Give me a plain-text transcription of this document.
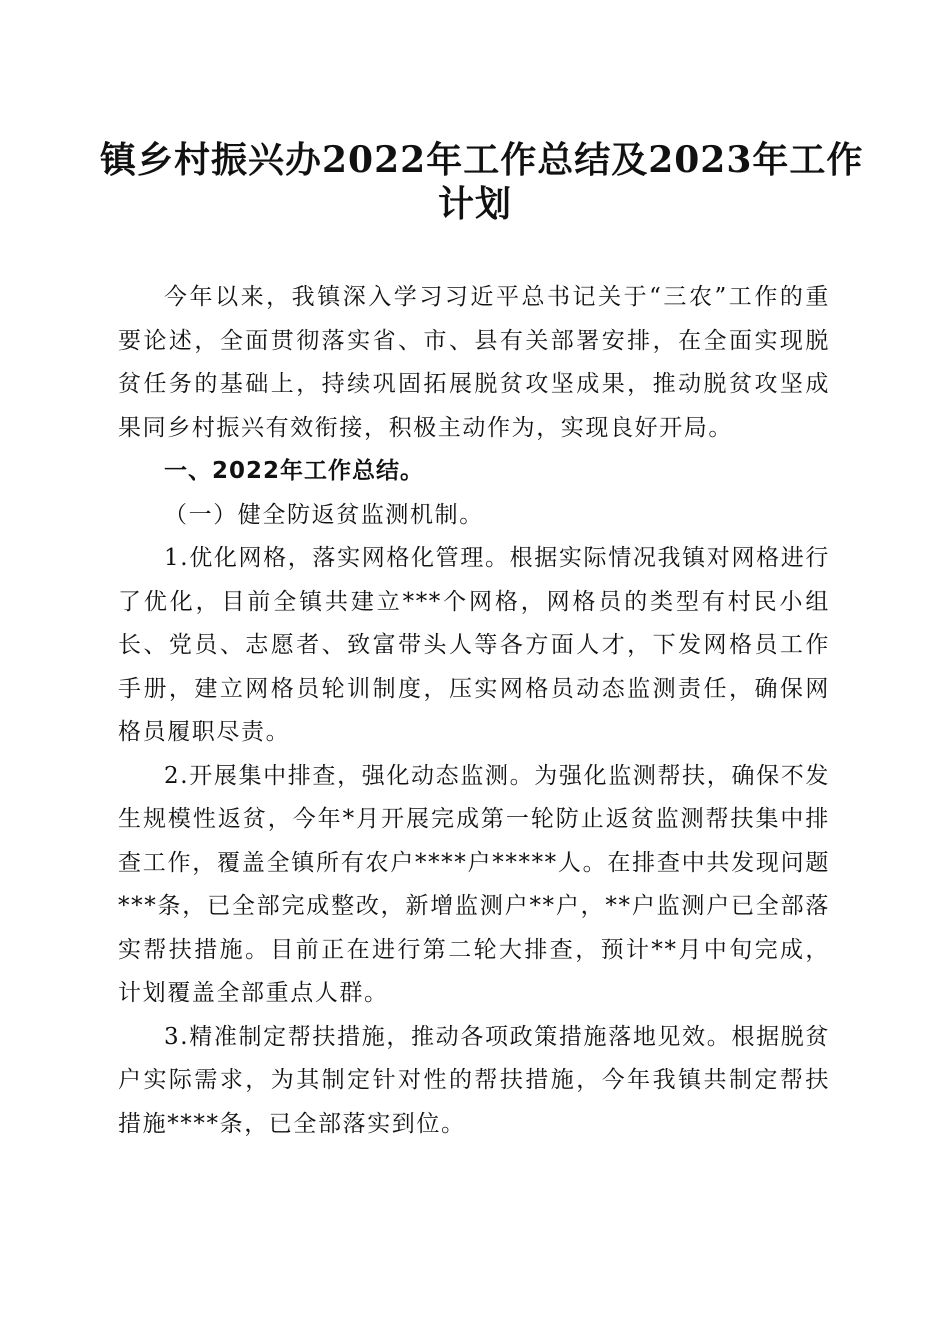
镇乡村振兴办2022年工作总结及2023年工作
计划

今年以来，我镇深入学习习近平总书记关于“三农”工作的重要论述，全面贯彻落实省、市、县有关部署安排，在全面实现脱贫任务的基础上，持续巩固拓展脱贫攻坚成果，推动脱贫攻坚成果同乡村振兴有效衔接，积极主动作为，实现良好开局。

一、2022年工作总结。

（一）健全防返贫监测机制。

1.优化网格，落实网格化管理。根据实际情况我镇对网格进行了优化，目前全镇共建立***个网格，网格员的类型有村民小组长、党员、志愿者、致富带头人等各方面人才，下发网格员工作手册，建立网格员轮训制度，压实网格员动态监测责任，确保网格员履职尽责。

2.开展集中排查，强化动态监测。为强化监测帮扶，确保不发生规模性返贫，今年*月开展完成第一轮防止返贫监测帮扶集中排查工作，覆盖全镇所有农户****户*****人。在排查中共发现问题***条，已全部完成整改，新增监测户**户，**户监测户已全部落实帮扶措施。目前正在进行第二轮大排查，预计**月中旬完成，计划覆盖全部重点人群。

3.精准制定帮扶措施，推动各项政策措施落地见效。根据脱贫户实际需求，为其制定针对性的帮扶措施，今年我镇共制定帮扶措施****条，已全部落实到位。
